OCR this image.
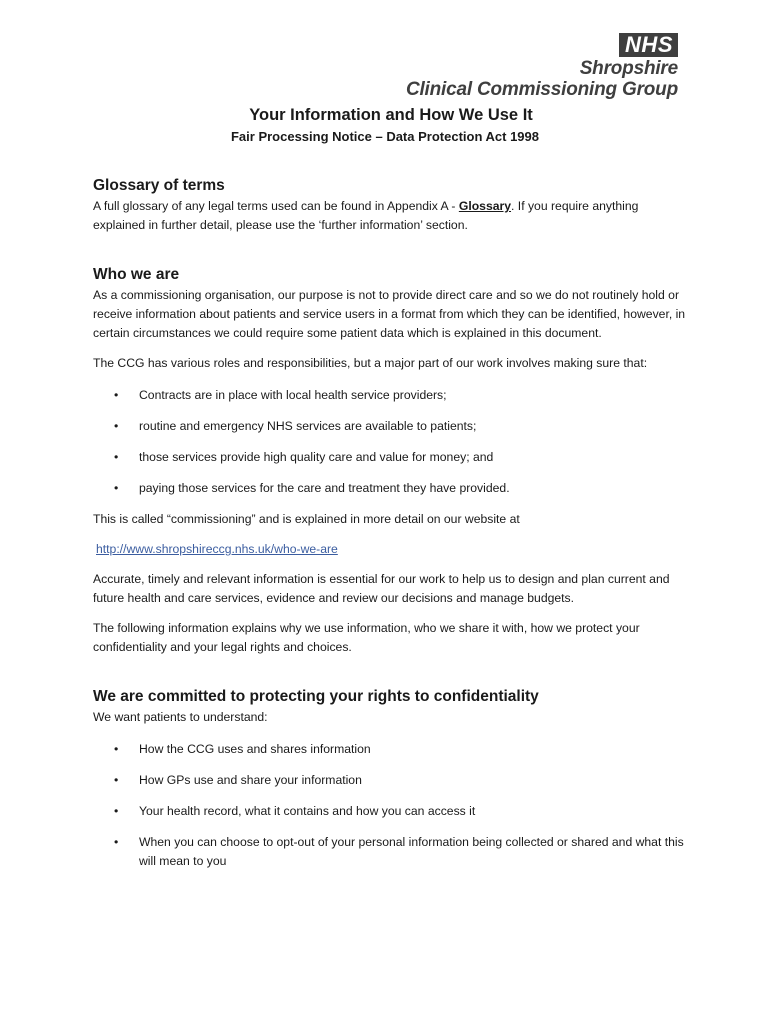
NHS
Shropshire
Clinical Commissioning Group
Your Information and How We Use It
Fair Processing Notice – Data Protection Act 1998
Glossary of terms
A full glossary of any legal terms used can be found in Appendix A - Glossary. If you require anything explained in further detail, please use the ‘further information’ section.
Who we are
As a commissioning organisation, our purpose is not to provide direct care and so we do not routinely hold or receive information about patients and service users in a format from which they can be identified, however, in certain circumstances we could require some patient data which is explained in this document.
The CCG has various roles and responsibilities, but a major part of our work involves making sure that:
• Contracts are in place with local health service providers;
• routine and emergency NHS services are available to patients;
• those services provide high quality care and value for money; and
• paying those services for the care and treatment they have provided.
This is called “commissioning” and is explained in more detail on our website at
http://www.shropshireccg.nhs.uk/who-we-are
Accurate, timely and relevant information is essential for our work to help us to design and plan current and future health and care services, evidence and review our decisions and manage budgets.
The following information explains why we use information, who we share it with, how we protect your confidentiality and your legal rights and choices.
We are committed to protecting your rights to confidentiality
We want patients to understand:
• How the CCG uses and shares information
• How GPs use and share your information
• Your health record, what it contains and how you can access it
• When you can choose to opt-out of your personal information being collected or shared and what this will mean to you
